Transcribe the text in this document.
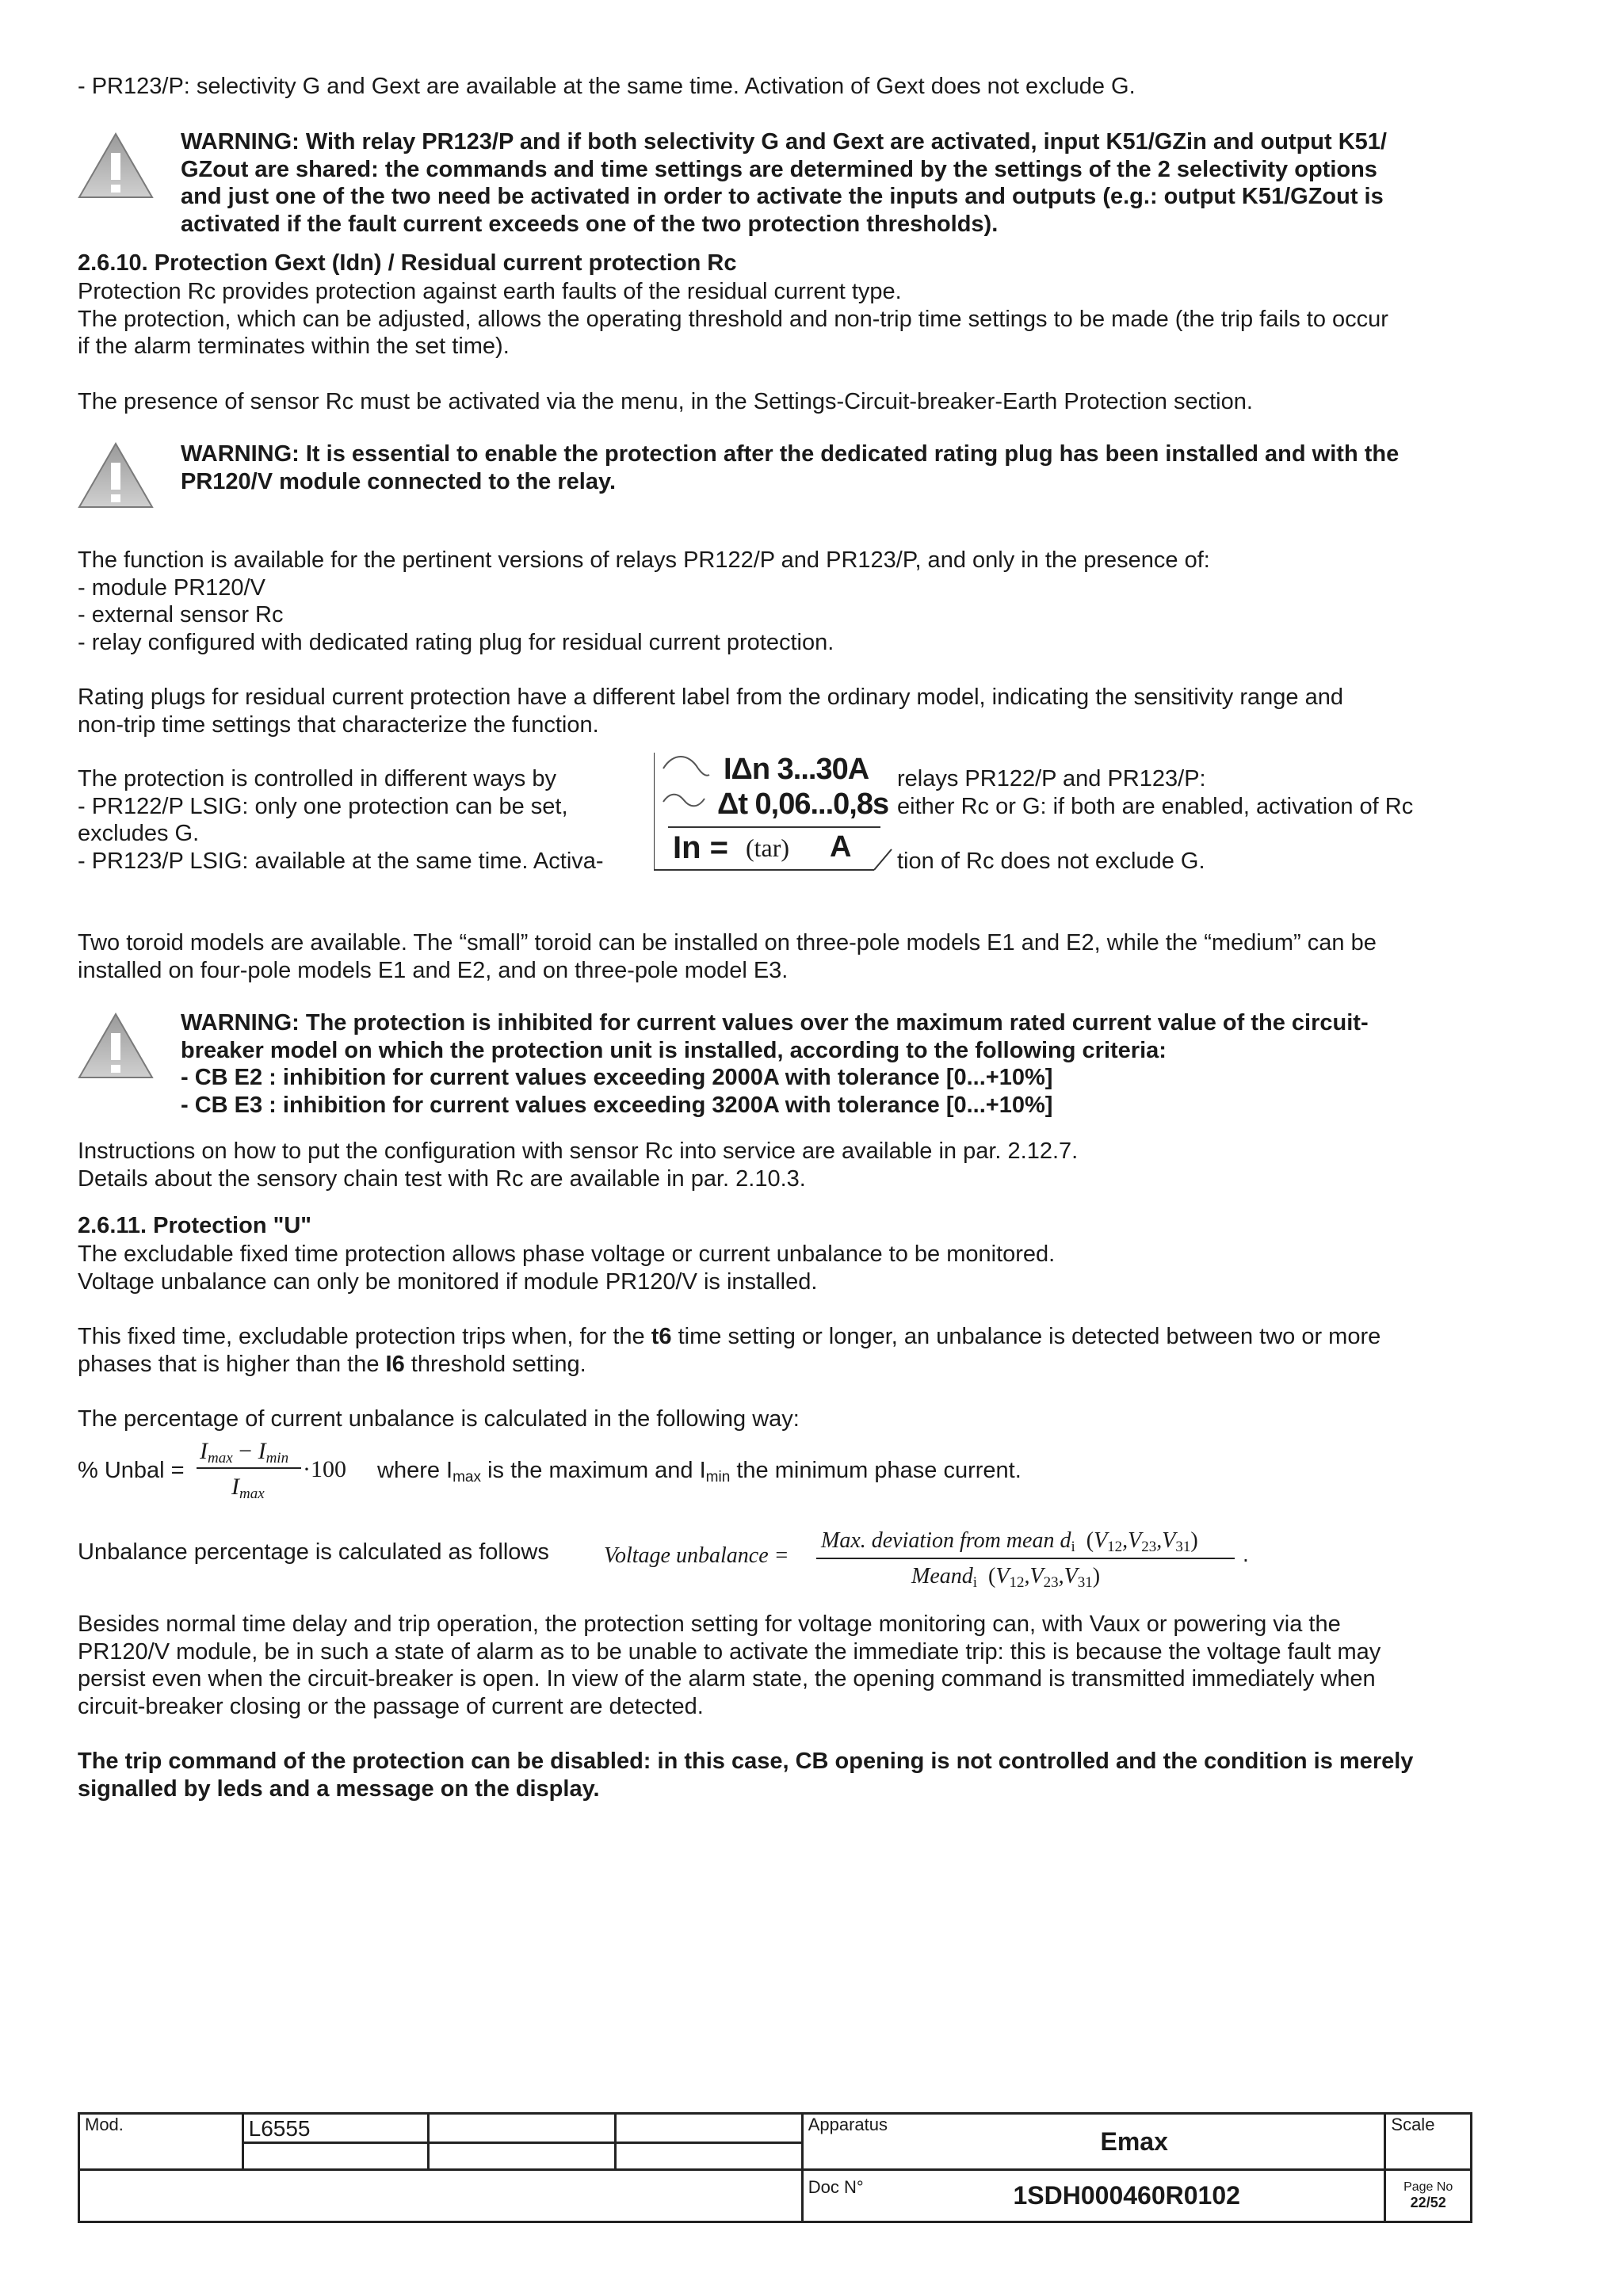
- PR123/P: selectivity G and Gext are available at the same time. Activation of Gext does not exclude G.
WARNING: With relay PR123/P and if both selectivity G and Gext are activated, input K51/GZin and output K51/
GZout are shared: the commands and time settings are determined by the settings of the 2 selectivity options
and just one of the two need be activated in order to activate the inputs and outputs (e.g.: output K51/GZout is
activated if the fault current exceeds one of the two protection thresholds).
2.6.10. Protection Gext (Idn) / Residual current protection Rc
Protection Rc provides protection against earth faults of the residual current type.
The protection, which can be adjusted, allows the operating threshold and non-trip time settings to be made (the trip fails to occur
if the alarm terminates within the set time).
The presence of sensor Rc must be activated via the menu, in the Settings-Circuit-breaker-Earth Protection section.
WARNING: It is essential to enable the protection after the dedicated rating plug has been installed and with the
PR120/V module connected to the relay.
The function is available for the pertinent versions of relays PR122/P and PR123/P, and only in the presence of:
- module PR120/V
- external sensor Rc
- relay configured with dedicated rating plug for residual current protection.
Rating plugs for residual current protection have a different label from the ordinary model, indicating the sensitivity range and
non-trip time settings that characterize the function.
The protection is controlled in different ways by
- PR122/P LSIG: only one protection can be set,
excludes G.
- PR123/P LSIG: available at the same time. Activa-
relays PR122/P and PR123/P:
either Rc or G: if both are enabled, activation of Rc
tion of Rc does not exclude G.
IΔn 3...30A
Δt 0,06...0,8s
In = (tar) A
Two toroid models are available. The “small” toroid can be installed on three-pole models E1 and E2, while the “medium” can be
installed on four-pole models E1 and E2, and on three-pole model E3.
WARNING: The protection is inhibited for current values over the maximum rated current value of the circuit-
breaker model on which the protection unit is installed, according to the following criteria:
- CB E2 : inhibition for current values exceeding 2000A with tolerance [0...+10%]
- CB E3 : inhibition for current values exceeding 3200A with tolerance [0...+10%]
Instructions on how to put the configuration with sensor Rc into service are available in par. 2.12.7.
Details about the sensory chain test with Rc are available in par. 2.10.3.
2.6.11. Protection "U"
The excludable fixed time protection allows phase voltage or current unbalance to be monitored.
Voltage unbalance can only be monitored if module PR120/V is installed.
This fixed time, excludable protection trips when, for the t6 time setting or longer, an unbalance is detected between two or more
phases that is higher than the I6 threshold setting.
The percentage of current unbalance is calculated in the following way:
% Unbal =
$I_{max} - I_{min} \cdot 100$
$I_{max}$
where $I_{max}$ is the maximum and $I_{min}$ the minimum phase current.
Unbalance percentage is calculated as follows Voltage unbalance =
Max. deviation from mean $d_i$ $(V_{12},V_{23},V_{31})$
Meand$_i$ $(V_{12},V_{23},V_{31})$
.
Besides normal time delay and trip operation, the protection setting for voltage monitoring can, with Vaux or powering via the
PR120/V module, be in such a state of alarm as to be unable to activate the immediate trip: this is because the voltage fault may
persist even when the circuit-breaker is open. In view of the alarm state, the opening command is transmitted immediately when
circuit-breaker closing or the passage of current are detected.
The trip command of the protection can be disabled: in this case, CB opening is not controlled and the condition is merely
signalled by leds and a message on the display.
Mod.	L6555			Apparatus	Emax	Scale

				Doc N°	1SDH000460R0102	Page No
22/52
